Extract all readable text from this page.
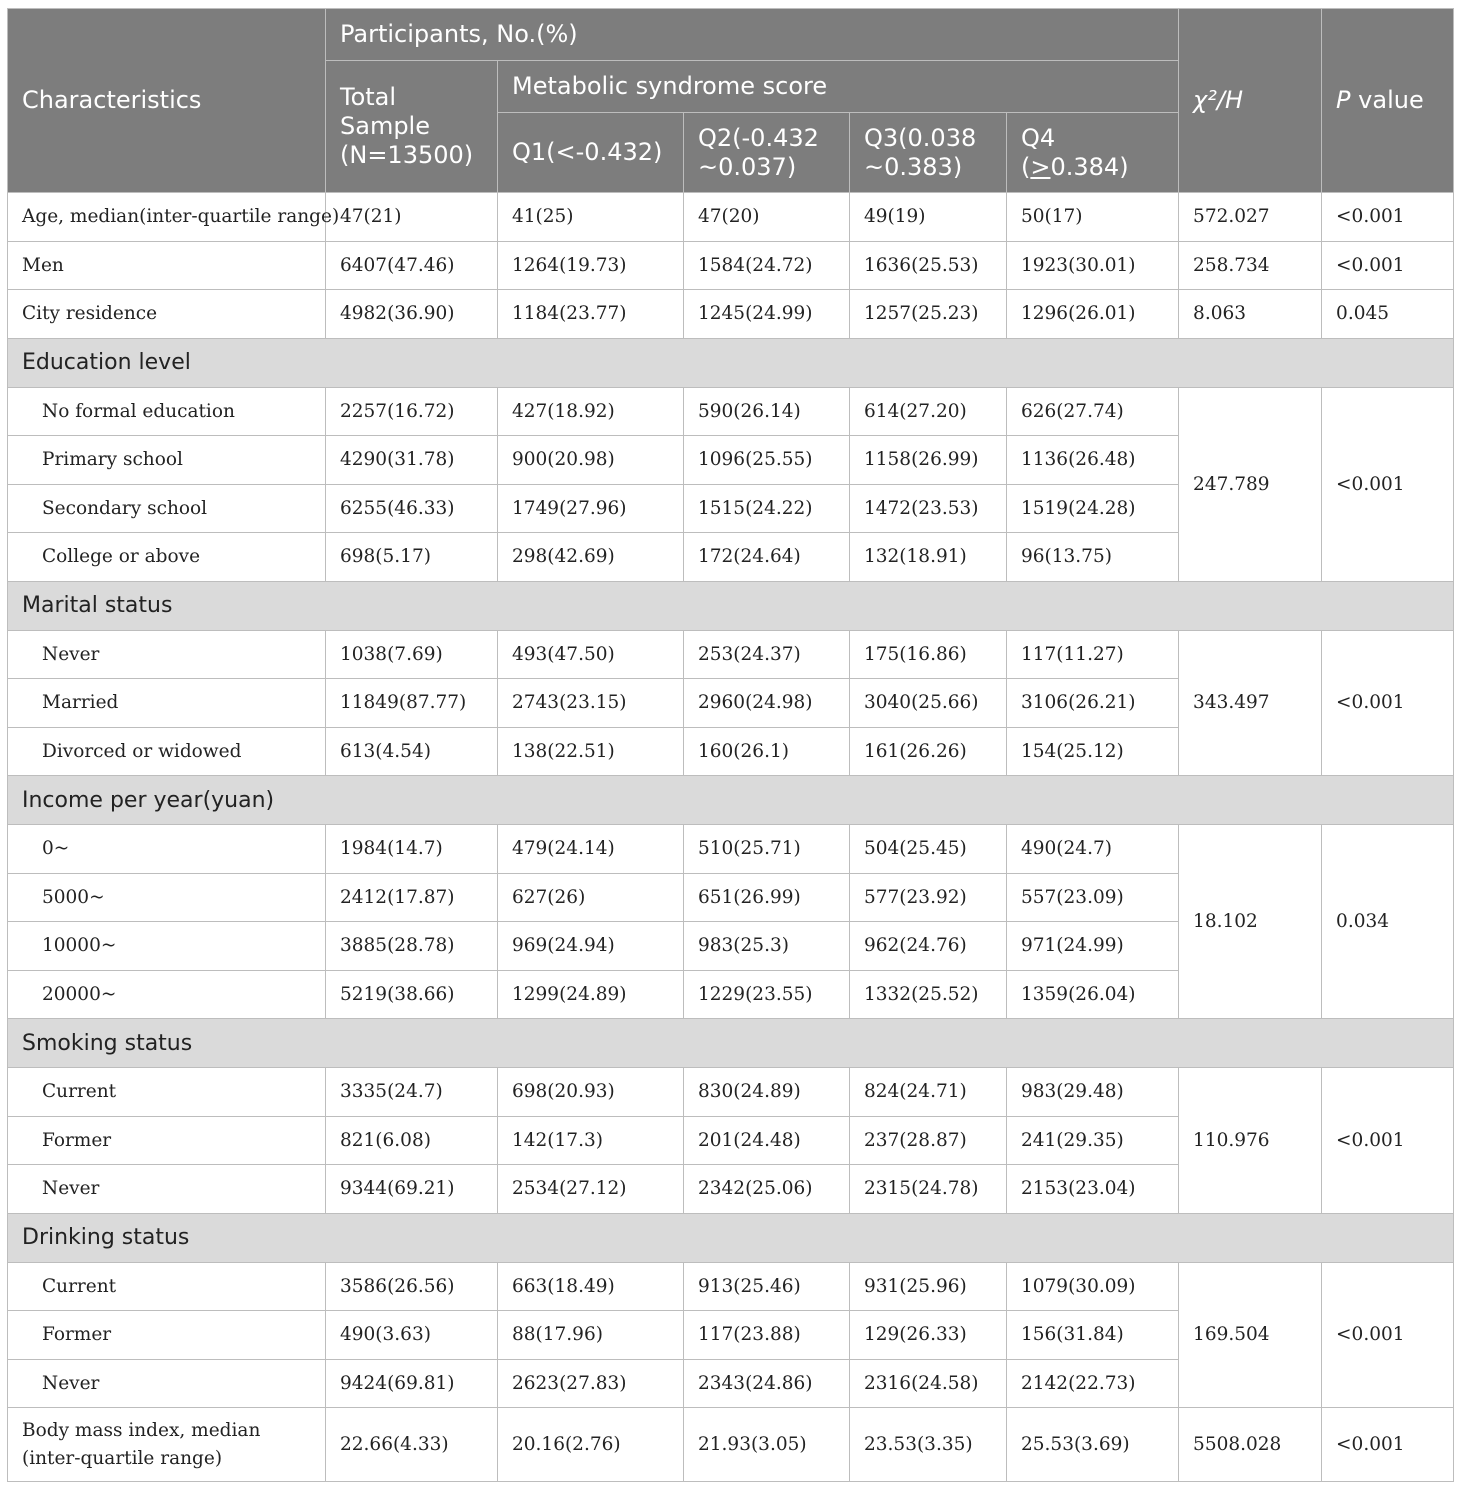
Characteristics	Participants, No.(%)					χ²/H	P value
	Total Sample (N=13500)	Metabolic syndrome score					
		Q1(<-0.432)	Q2(-0.432 ~0.037)	Q3(0.038 ~0.383)	Q4 (>0.384)		
Age, median(inter-quartile range)	47(21)	41(25)	47(20)	49(19)	50(17)	572.027	<0.001
Men	6407(47.46)	1264(19.73)	1584(24.72)	1636(25.53)	1923(30.01)	258.734	<0.001
City residence	4982(36.90)	1184(23.77)	1245(24.99)	1257(25.23)	1296(26.01)	8.063	0.045
Education level							
No formal education	2257(16.72)	427(18.92)	590(26.14)	614(27.20)	626(27.74)	247.789	<0.001
Primary school	4290(31.78)	900(20.98)	1096(25.55)	1158(26.99)	1136(26.48)		
Secondary school	6255(46.33)	1749(27.96)	1515(24.22)	1472(23.53)	1519(24.28)		
College or above	698(5.17)	298(42.69)	172(24.64)	132(18.91)	96(13.75)		
Marital status							
Never	1038(7.69)	493(47.50)	253(24.37)	175(16.86)	117(11.27)	343.497	<0.001
Married	11849(87.77)	2743(23.15)	2960(24.98)	3040(25.66)	3106(26.21)		
Divorced or widowed	613(4.54)	138(22.51)	160(26.1)	161(26.26)	154(25.12)		
Income per year(yuan)							
0~	1984(14.7)	479(24.14)	510(25.71)	504(25.45)	490(24.7)	18.102	0.034
5000~	2412(17.87)	627(26)	651(26.99)	577(23.92)	557(23.09)		
10000~	3885(28.78)	969(24.94)	983(25.3)	962(24.76)	971(24.99)		
20000~	5219(38.66)	1299(24.89)	1229(23.55)	1332(25.52)	1359(26.04)		
Smoking status							
Current	3335(24.7)	698(20.93)	830(24.89)	824(24.71)	983(29.48)	110.976	<0.001
Former	821(6.08)	142(17.3)	201(24.48)	237(28.87)	241(29.35)		
Never	9344(69.21)	2534(27.12)	2342(25.06)	2315(24.78)	2153(23.04)		
Drinking status							
Current	3586(26.56)	663(18.49)	913(25.46)	931(25.96)	1079(30.09)	169.504	<0.001
Former	490(3.63)	88(17.96)	117(23.88)	129(26.33)	156(31.84)		
Never	9424(69.81)	2623(27.83)	2343(24.86)	2316(24.58)	2142(22.73)		
Body mass index, median (inter-quartile range)	22.66(4.33)	20.16(2.76)	21.93(3.05)	23.53(3.35)	25.53(3.69)	5508.028	<0.001
